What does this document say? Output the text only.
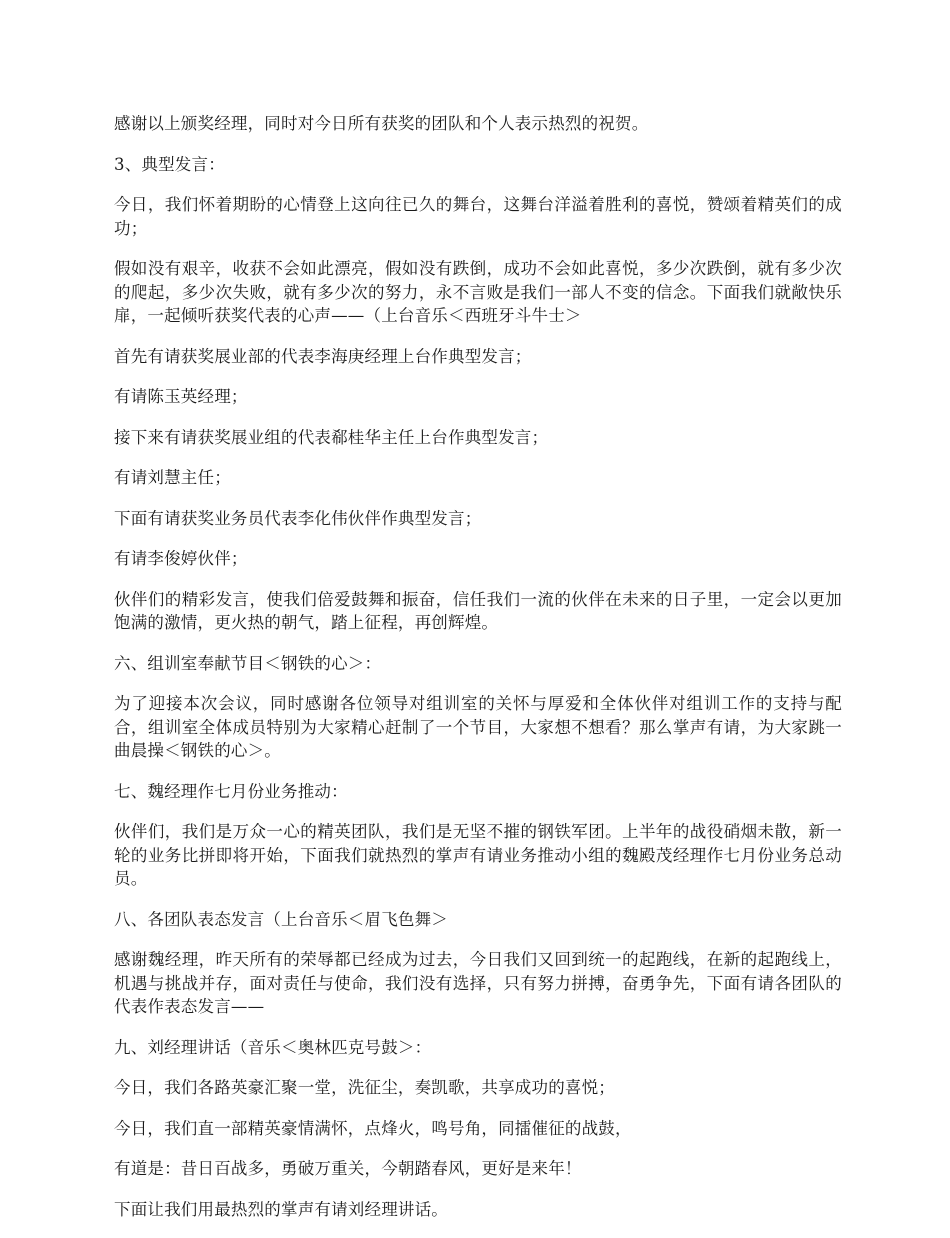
感谢以上颁奖经理，同时对今日所有获奖的团队和个人表示热烈的祝贺。

3、典型发言：

今日，我们怀着期盼的心情登上这向往已久的舞台，这舞台洋溢着胜利的喜悦，赞颂着精英们的成功；

假如没有艰辛，收获不会如此漂亮，假如没有跌倒，成功不会如此喜悦，多少次跌倒，就有多少次的爬起，多少次失败，就有多少次的努力，永不言败是我们一部人不变的信念。下面我们就敞快乐扉，一起倾听获奖代表的心声——（上台音乐＜西班牙斗牛士＞

首先有请获奖展业部的代表李海庚经理上台作典型发言；

有请陈玉英经理；

接下来有请获奖展业组的代表郗桂华主任上台作典型发言；

有请刘慧主任；

下面有请获奖业务员代表李化伟伙伴作典型发言；

有请李俊婷伙伴；

伙伴们的精彩发言，使我们倍爱鼓舞和振奋，信任我们一流的伙伴在未来的日子里，一定会以更加饱满的激情，更火热的朝气，踏上征程，再创辉煌。

六、组训室奉献节目＜钢铁的心＞：

为了迎接本次会议，同时感谢各位领导对组训室的关怀与厚爱和全体伙伴对组训工作的支持与配合，组训室全体成员特别为大家精心赶制了一个节目，大家想不想看？那么掌声有请，为大家跳一曲晨操＜钢铁的心＞。

七、魏经理作七月份业务推动：

伙伴们，我们是万众一心的精英团队，我们是无坚不摧的钢铁军团。上半年的战役硝烟未散，新一轮的业务比拼即将开始，下面我们就热烈的掌声有请业务推动小组的魏殿茂经理作七月份业务总动员。

八、各团队表态发言（上台音乐＜眉飞色舞＞

感谢魏经理，昨天所有的荣辱都已经成为过去，今日我们又回到统一的起跑线，在新的起跑线上，机遇与挑战并存，面对责任与使命，我们没有选择，只有努力拼搏，奋勇争先，下面有请各团队的代表作表态发言——

九、刘经理讲话（音乐＜奥林匹克号鼓＞：

今日，我们各路英豪汇聚一堂，洗征尘，奏凯歌，共享成功的喜悦；

今日，我们直一部精英豪情满怀，点烽火，鸣号角，同擂催征的战鼓，

有道是：昔日百战多，勇破万重关，今朝踏春风，更好是来年！

下面让我们用最热烈的掌声有请刘经理讲话。
